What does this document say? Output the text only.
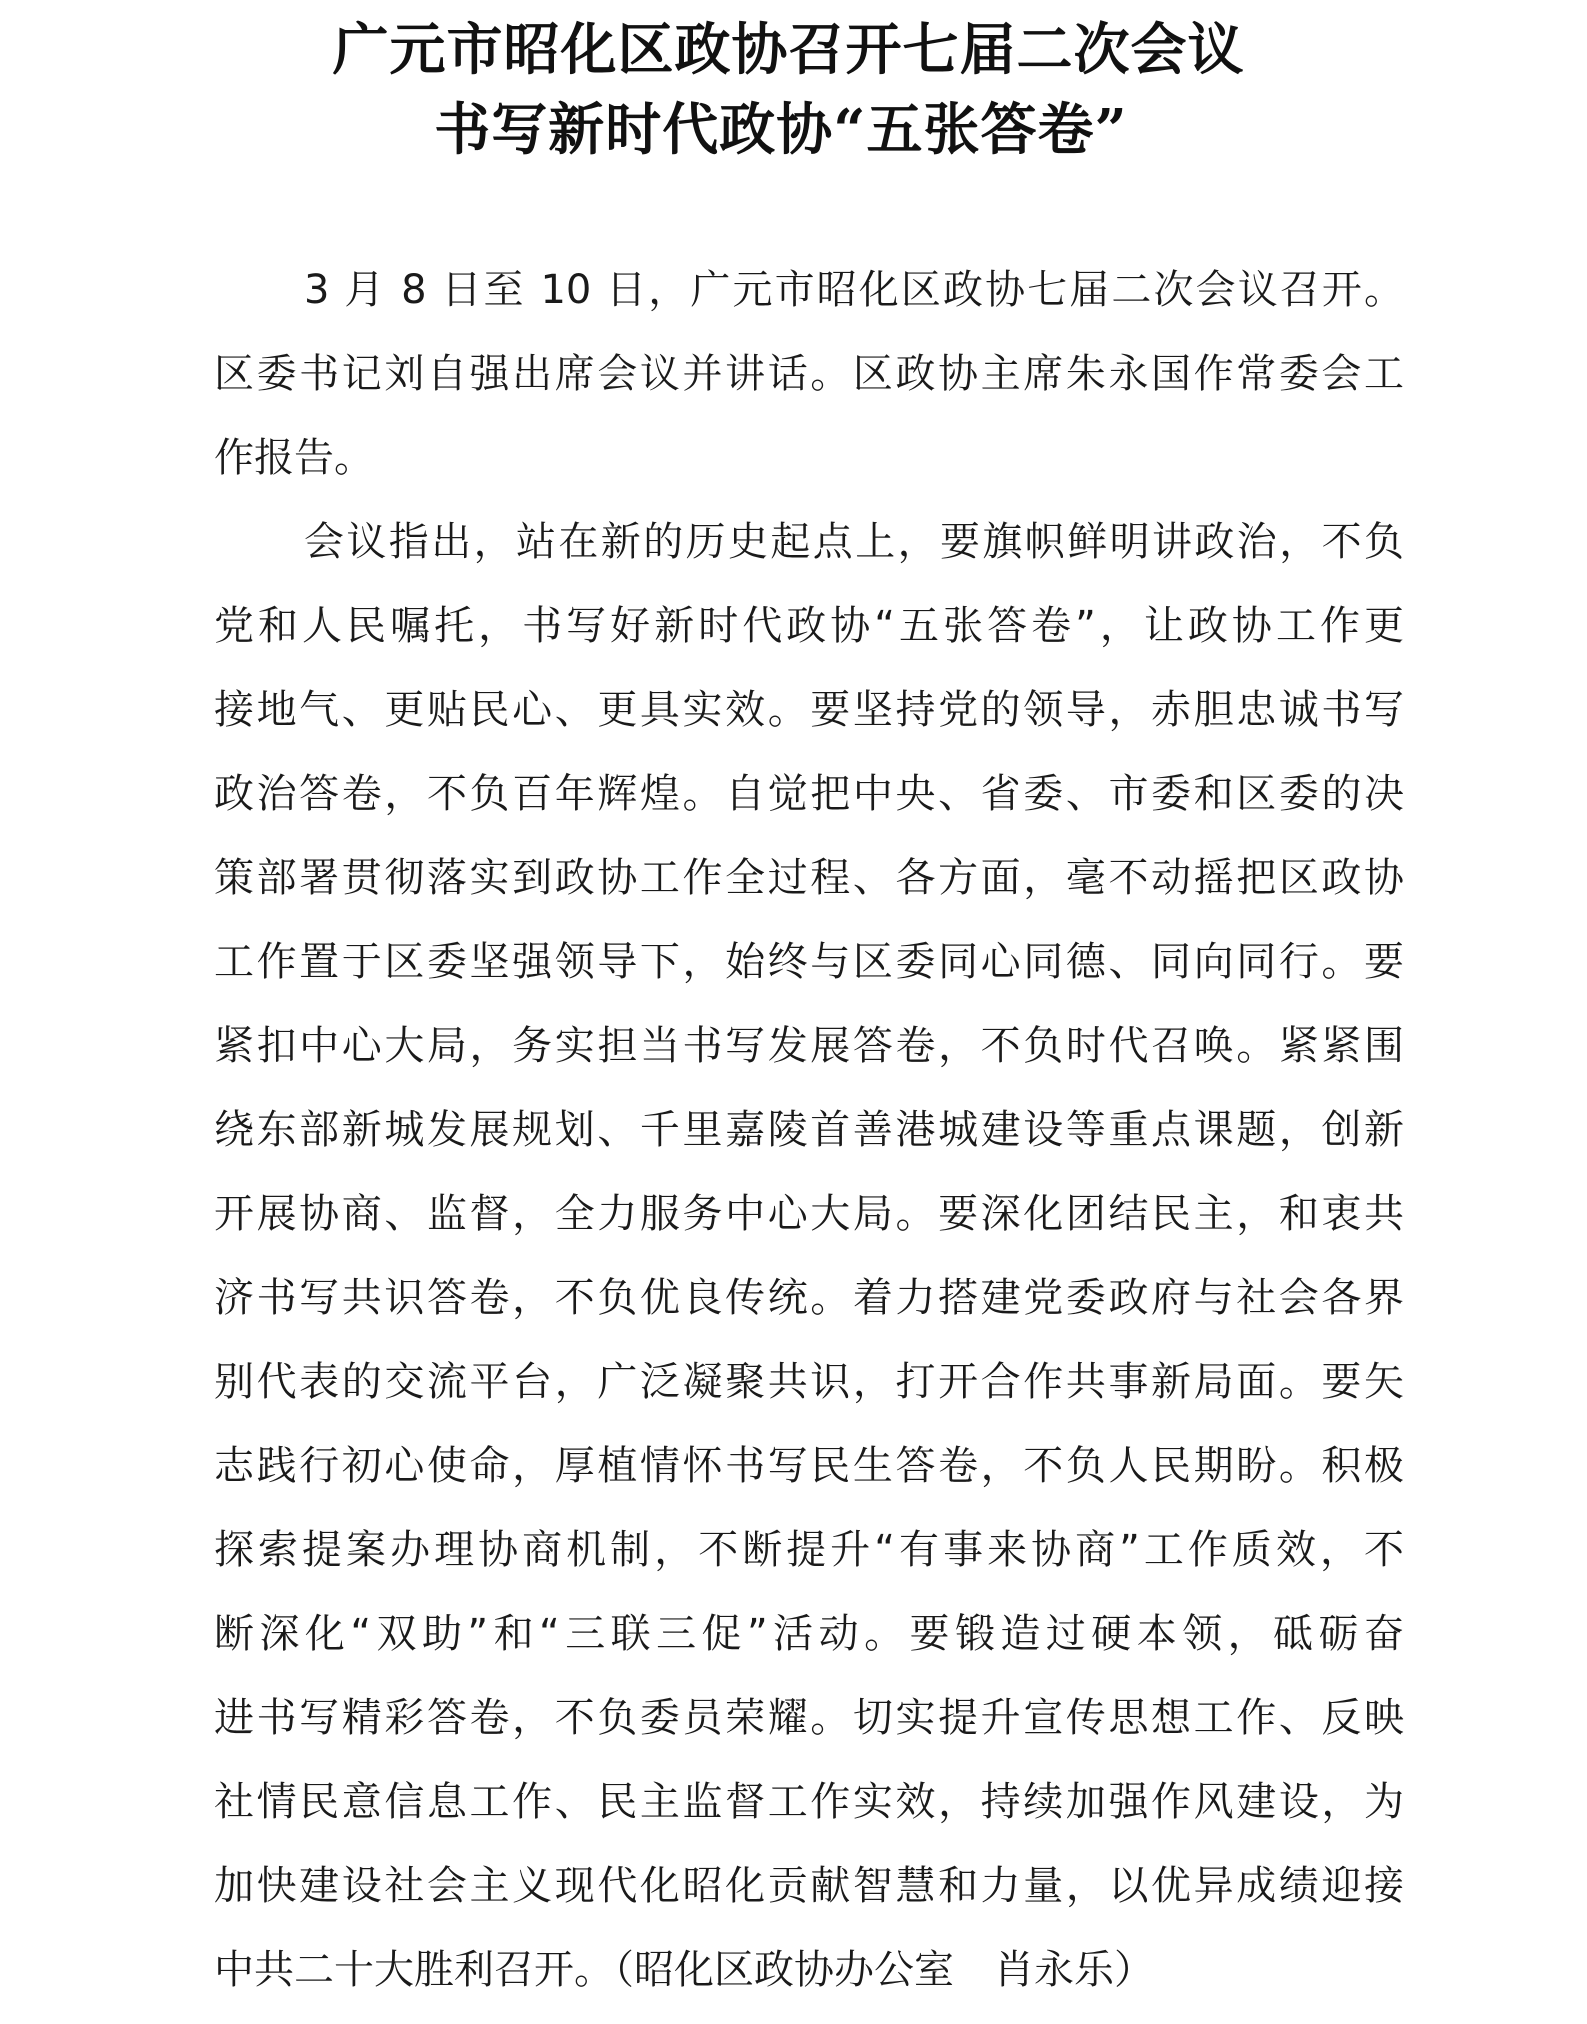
广元市昭化区政协召开七届二次会议
书写新时代政协“五张答卷”
3 月 8 日至 10 日，广元市昭化区政协七届二次会议召开。
区委书记刘自强出席会议并讲话。区政协主席朱永国作常委会工
作报告。
会议指出，站在新的历史起点上，要旗帜鲜明讲政治，不负
党和人民嘱托，书写好新时代政协“五张答卷”，让政协工作更
接地气、更贴民心、更具实效。要坚持党的领导，赤胆忠诚书写
政治答卷，不负百年辉煌。自觉把中央、省委、市委和区委的决
策部署贯彻落实到政协工作全过程、各方面，毫不动摇把区政协
工作置于区委坚强领导下，始终与区委同心同德、同向同行。要
紧扣中心大局，务实担当书写发展答卷，不负时代召唤。紧紧围
绕东部新城发展规划、千里嘉陵首善港城建设等重点课题，创新
开展协商、监督，全力服务中心大局。要深化团结民主，和衷共
济书写共识答卷，不负优良传统。着力搭建党委政府与社会各界
别代表的交流平台，广泛凝聚共识，打开合作共事新局面。要矢
志践行初心使命，厚植情怀书写民生答卷，不负人民期盼。积极
探索提案办理协商机制，不断提升“有事来协商”工作质效，不
断深化“双助”和“三联三促”活动。要锻造过硬本领，砥砺奋
进书写精彩答卷，不负委员荣耀。切实提升宣传思想工作、反映
社情民意信息工作、民主监督工作实效，持续加强作风建设，为
加快建设社会主义现代化昭化贡献智慧和力量，以优异成绩迎接
中共二十大胜利召开。（昭化区政协办公室　肖永乐）
